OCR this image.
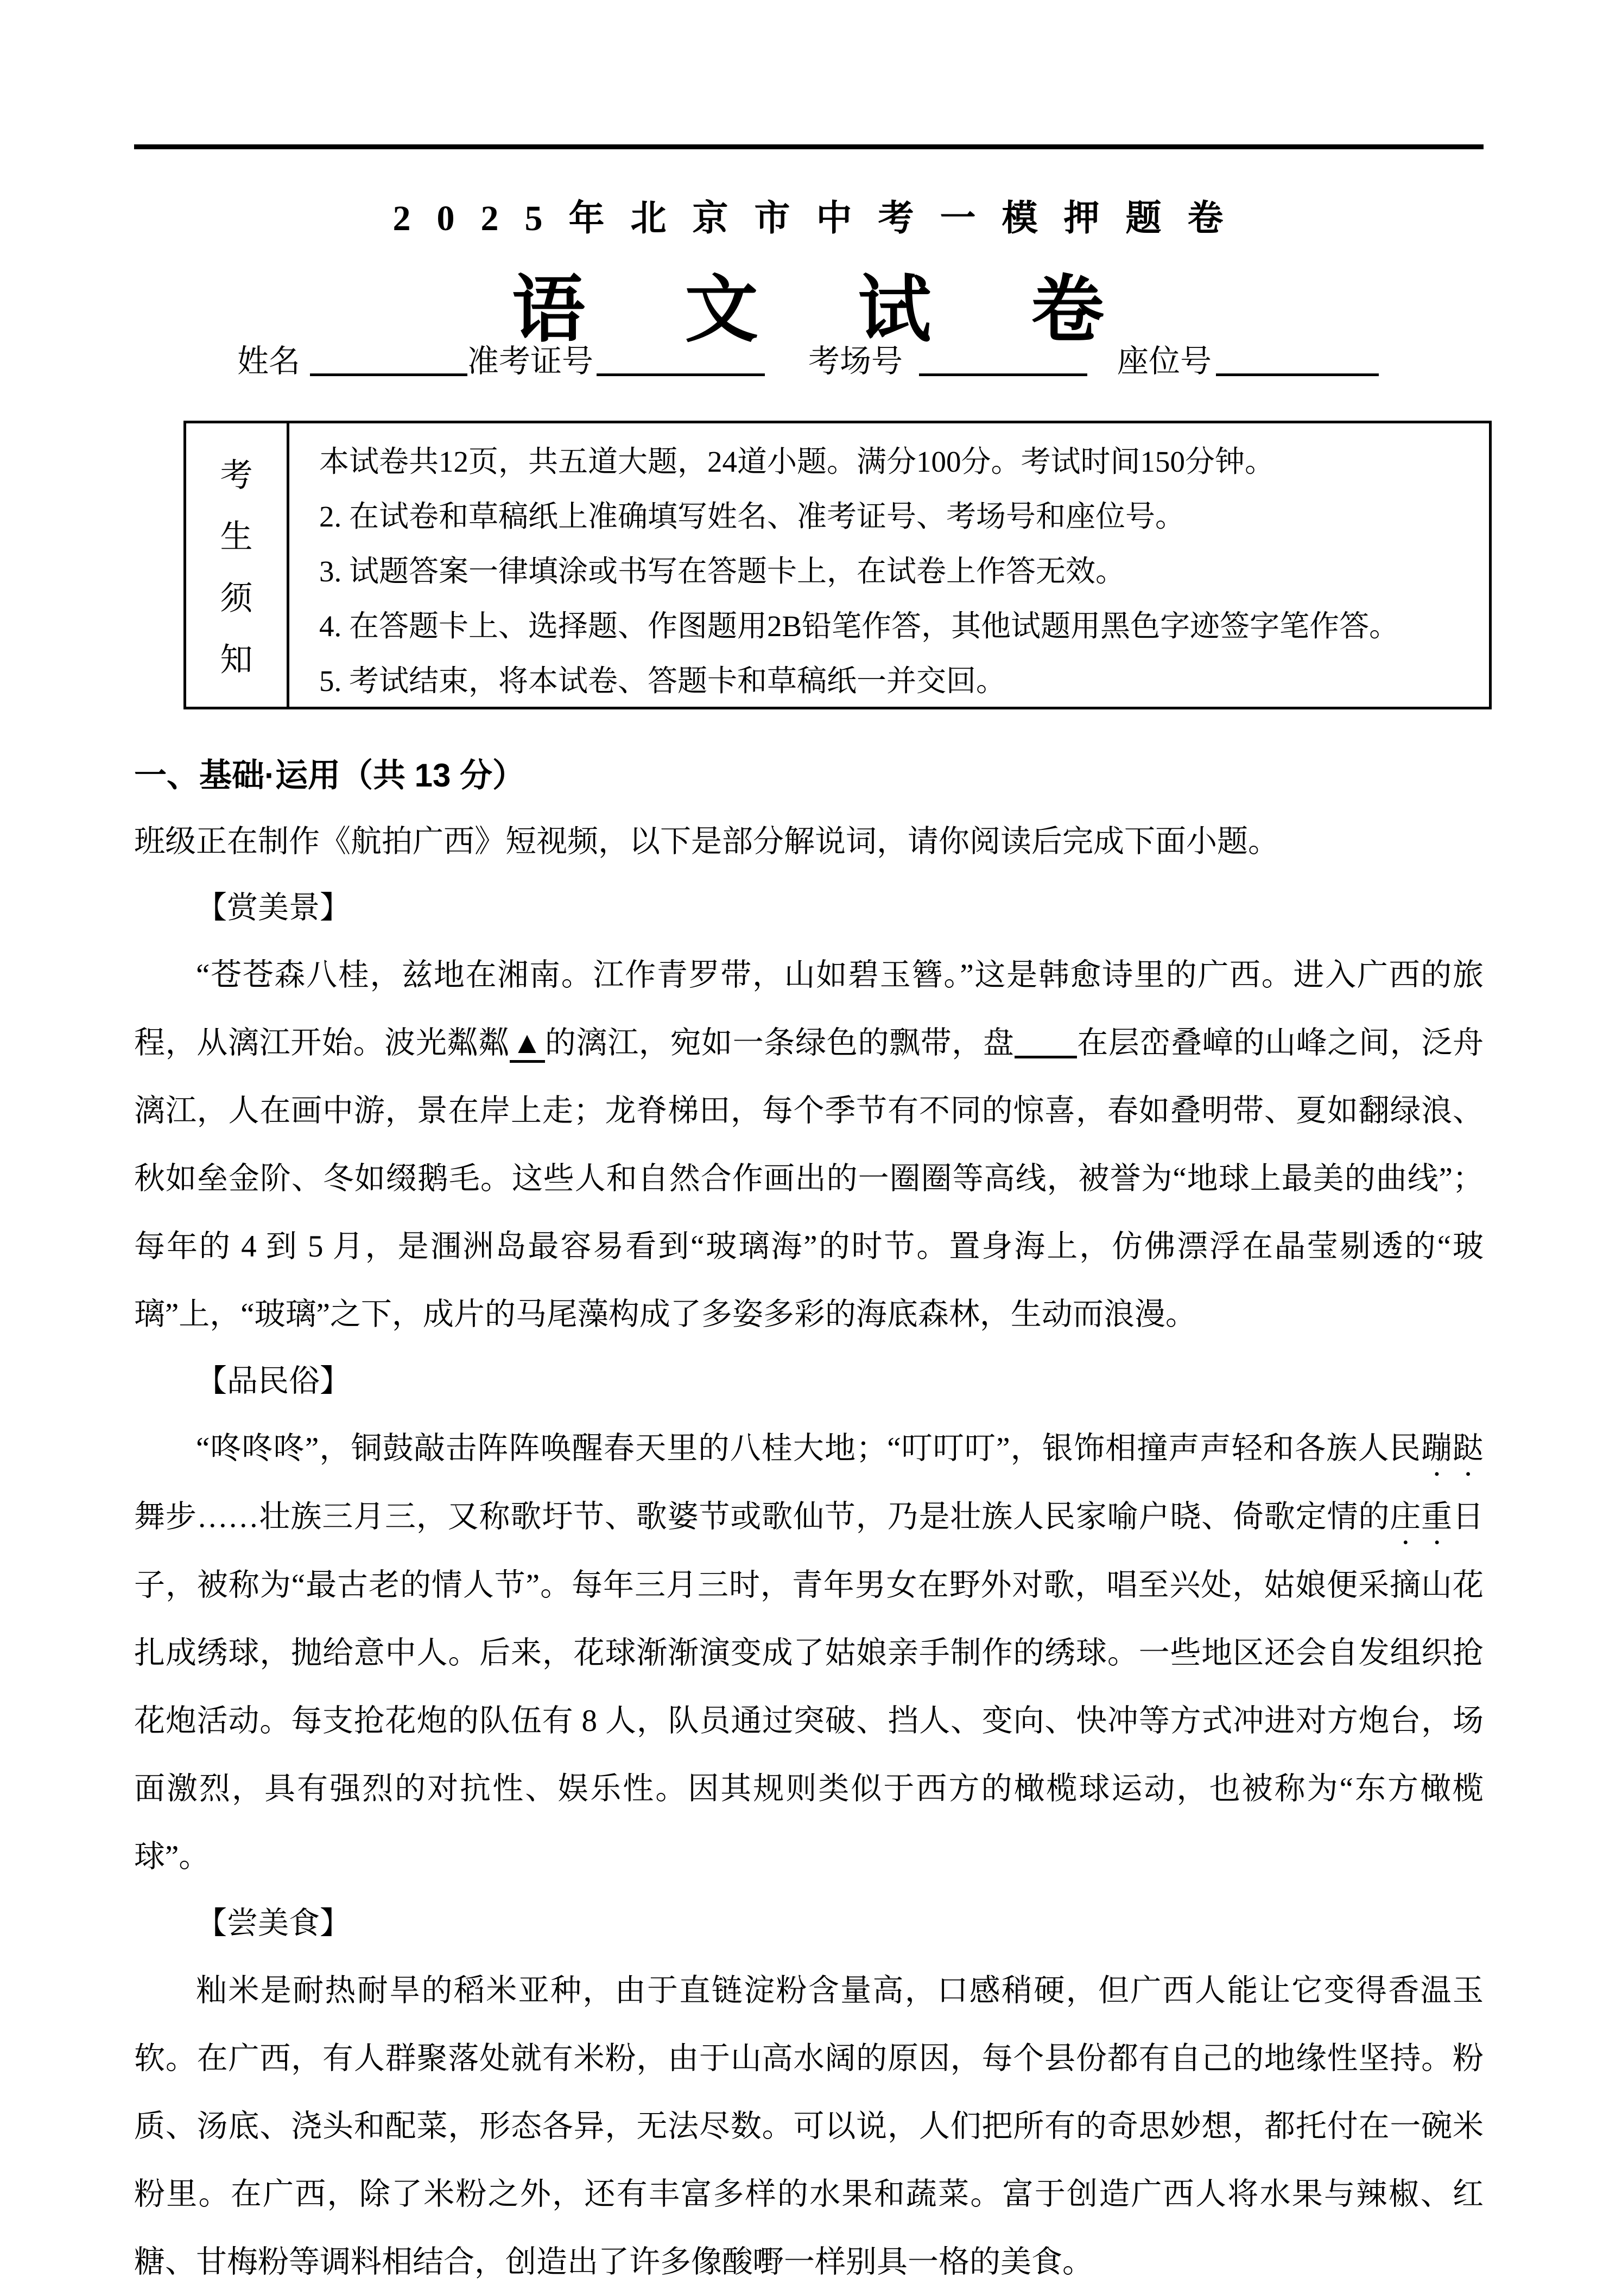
2025年北京市中考一模押题卷
语 文 试 卷
姓名	准考证号	考场号	座位号
考
生
须
知
本试卷共12页，共五道大题，24道小题。满分100分。考试时间150分钟。
2. 在试卷和草稿纸上准确填写姓名、准考证号、考场号和座位号。
3. 试题答案一律填涂或书写在答题卡上，在试卷上作答无效。
4. 在答题卡上、选择题、作图题用2B铅笔作答，其他试题用黑色字迹签字笔作答。
5. 考试结束，将本试卷、答题卡和草稿纸一并交回。
一、基础·运用（共 13 分）
班级正在制作《航拍广西》短视频，以下是部分解说词，请你阅读后完成下面小题。
【赏美景】

“苍苍森八桂，兹地在湘南。江作青罗带，山如碧玉簪。”这是韩愈诗里的广西。进入广西的旅程，从漓江开始。波光粼粼▲的漓江，宛如一条绿色的飘带，盘 在层峦叠嶂的山峰之间，泛舟漓江，人在画中游，景在岸上走；龙脊梯田，每个季节有不同的惊喜，春如叠明带、夏如翻绿浪、秋如垒金阶、冬如缀鹅毛。这些人和自然合作画出的一圈圈等高线，被誉为“地球上最美的曲线”；每年的 4 到 5 月，是涠洲岛最容易看到“玻璃海”的时节。置身海上，仿佛漂浮在晶莹剔透的“玻璃”上，“玻璃”之下，成片的马尾藻构成了多姿多彩的海底森林，生动而浪漫。

【品民俗】

“咚咚咚”，铜鼓敲击阵阵唤醒春天里的八桂大地；“叮叮叮”，银饰相撞声声轻和各族人民蹦跶舞步……壮族三月三，又称歌圩节、歌婆节或歌仙节，乃是壮族人民家喻户晓、倚歌定情的庄重日子，被称为“最古老的情人节”。每年三月三时，青年男女在野外对歌，唱至兴处，姑娘便采摘山花扎成绣球，抛给意中人。后来，花球渐渐演变成了姑娘亲手制作的绣球。一些地区还会自发组织抢花炮活动。每支抢花炮的队伍有 8 人，队员通过突破、挡人、变向、快冲等方式冲进对方炮台，场面激烈，具有强烈的对抗性、娱乐性。因其规则类似于西方的橄榄球运动，也被称为“东方橄榄球”。

【尝美食】

籼米是耐热耐旱的稻米亚种，由于直链淀粉含量高，口感稍硬，但广西人能让它变得香温玉软。在广西，有人群聚落处就有米粉，由于山高水阔的原因，每个县份都有自己的地缘性坚持。粉质、汤底、浇头和配菜，形态各异，无法尽数。可以说，人们把所有的奇思妙想，都托付在一碗米粉里。在广西，除了米粉之外，还有丰富多样的水果和蔬菜。富于创造广西人将水果与辣椒、红糖、甘梅粉等调料相结合，创造出了许多像酸嘢一样别具一格的美食。
